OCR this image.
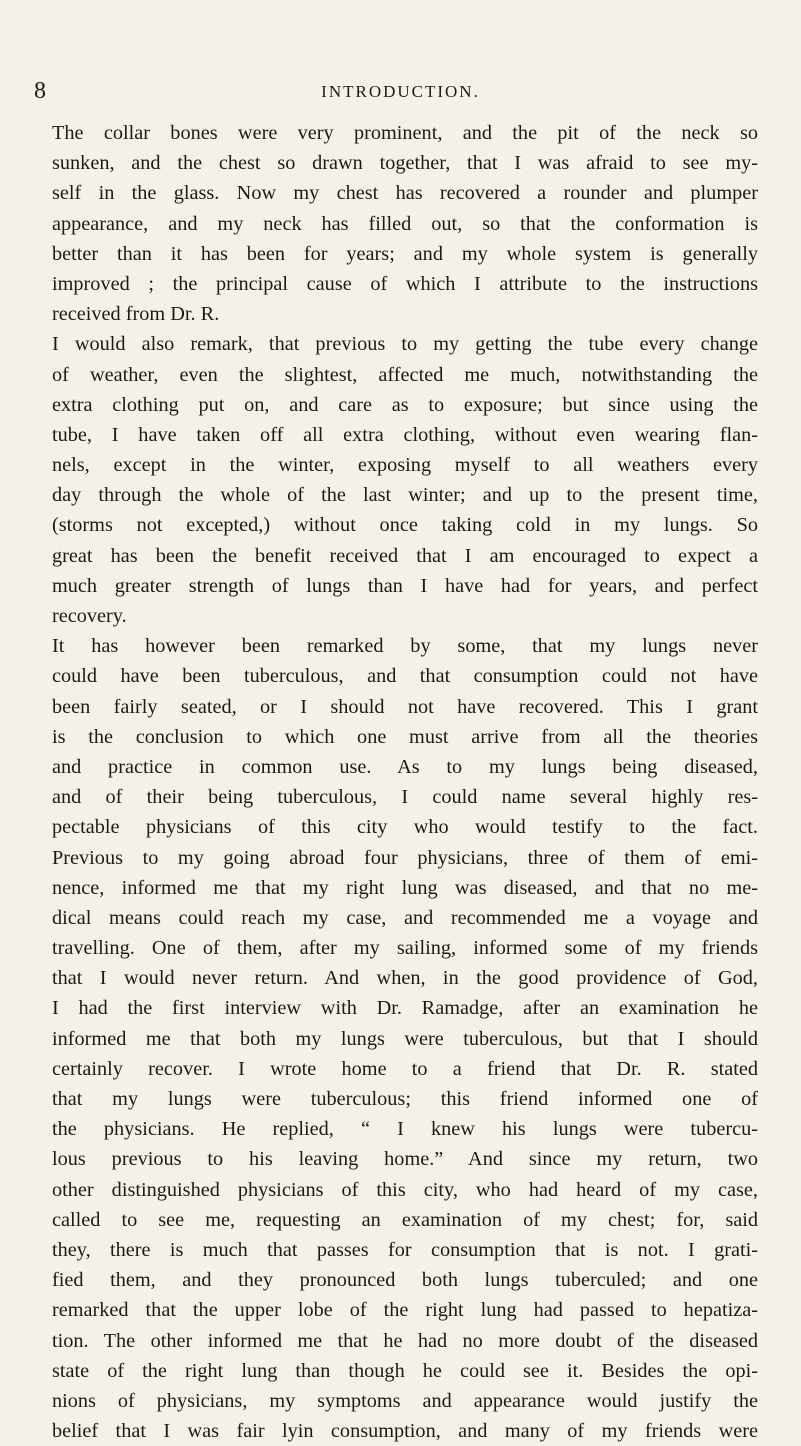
8	INTRODUCTION.
The collar bones were very prominent, and the pit of the neck so
sunken, and the chest so drawn together, that I was afraid to see my-
self in the glass. Now my chest has recovered a rounder and plumper
appearance, and my neck has filled out, so that the conformation is
better than it has been for years; and my whole system is generally
improved ; the principal cause of which I attribute to the instructions
received from Dr. R.
I would also remark, that previous to my getting the tube every change
of weather, even the slightest, affected me much, notwithstanding the
extra clothing put on, and care as to exposure; but since using the
tube, I have taken off all extra clothing, without even wearing flan-
nels, except in the winter, exposing myself to all weathers every
day through the whole of the last winter; and up to the present time,
(storms not excepted,) without once taking cold in my lungs. So
great has been the benefit received that I am encouraged to expect a
much greater strength of lungs than I have had for years, and perfect
recovery.
It has however been remarked by some, that my lungs never
could have been tuberculous, and that consumption could not have
been fairly seated, or I should not have recovered. This I grant
is the conclusion to which one must arrive from all the theories
and practice in common use. As to my lungs being diseased,
and of their being tuberculous, I could name several highly res-
pectable physicians of this city who would testify to the fact.
Previous to my going abroad four physicians, three of them of emi-
nence, informed me that my right lung was diseased, and that no me-
dical means could reach my case, and recommended me a voyage and
travelling. One of them, after my sailing, informed some of my friends
that I would never return. And when, in the good providence of God,
I had the first interview with Dr. Ramadge, after an examination he
informed me that both my lungs were tuberculous, but that I should
certainly recover. I wrote home to a friend that Dr. R. stated
that my lungs were tuberculous; this friend informed one of
the physicians. He replied, “ I knew his lungs were tubercu-
lous previous to his leaving home.” And since my return, two
other distinguished physicians of this city, who had heard of my case,
called to see me, requesting an examination of my chest; for, said
they, there is much that passes for consumption that is not. I grati-
fied them, and they pronounced both lungs tuberculed; and one
remarked that the upper lobe of the right lung had passed to hepatiza-
tion. The other informed me that he had no more doubt of the diseased
state of the right lung than though he could see it. Besides the opi-
nions of physicians, my symptoms and appearance would justify the
belief that I was fair lyin consumption, and many of my friends were
